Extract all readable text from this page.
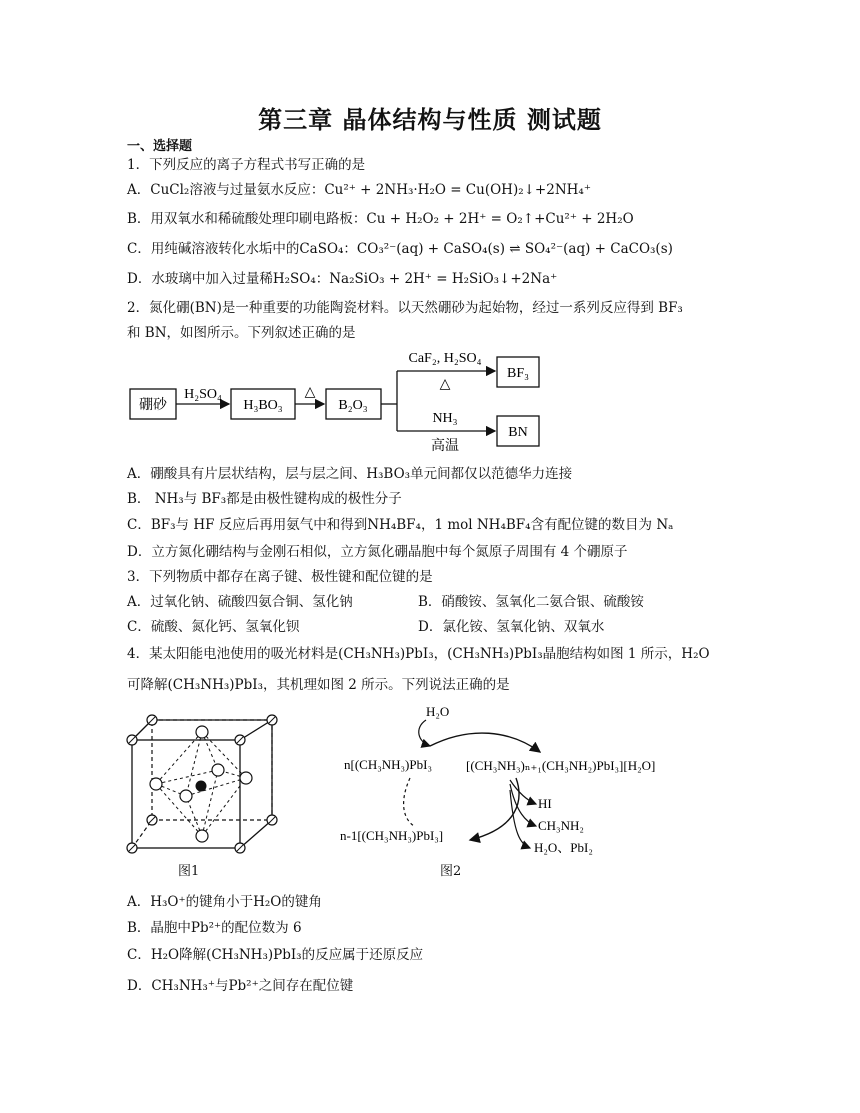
第三章 晶体结构与性质 测试题
一、选择题
1．下列反应的离子方程式书写正确的是
A．CuCl₂溶液与过量氨水反应：Cu²⁺ + 2NH₃·H₂O = Cu(OH)₂↓+2NH₄⁺
B．用双氧水和稀硫酸处理印刷电路板：Cu + H₂O₂ + 2H⁺ = O₂↑+Cu²⁺ + 2H₂O
C．用纯碱溶液转化水垢中的CaSO₄：CO₃²⁻(aq) + CaSO₄(s) ⇌ SO₄²⁻(aq) + CaCO₃(s)
D．水玻璃中加入过量稀H₂SO₄：Na₂SiO₃ + 2H⁺ = H₂SiO₃↓+2Na⁺
2．氮化硼(BN)是一种重要的功能陶瓷材料。以天然硼砂为起始物，经过一系列反应得到 BF₃
和 BN，如图所示。下列叙述正确的是
硼砂
H₂SO₄
H₃BO₃
△
B₂O₃
CaF₂, H₂SO₄
△
NH₃
高温
BF₃
BN
A．硼酸具有片层状结构，层与层之间、H₃BO₃单元间都仅以范德华力连接
B． NH₃与 BF₃都是由极性键构成的极性分子
C．BF₃与 HF 反应后再用氨气中和得到NH₄BF₄，1 mol NH₄BF₄含有配位键的数目为 Nₐ
D．立方氮化硼结构与金刚石相似，立方氮化硼晶胞中每个氮原子周围有 4 个硼原子
3．下列物质中都存在离子键、极性键和配位键的是
A．过氧化钠、硫酸四氨合铜、氢化钠	B．硝酸铵、氢氧化二氨合银、硫酸铵
C．硫酸、氮化钙、氢氧化钡	D．氯化铵、氢氧化钠、双氧水
4．某太阳能电池使用的吸光材料是(CH₃NH₃)PbI₃，(CH₃NH₃)PbI₃晶胞结构如图 1 所示，H₂O
可降解(CH₃NH₃)PbI₃，其机理如图 2 所示。下列说法正确的是
图1
H₂O
n[(CH₃NH₃)PbI₃	[(CH₃NH₃)ₙ₊₁(CH₃NH₂)PbI₃][H₂O]
HI
CH₃NH₂
H₂O、PbI₂
n-1[(CH₃NH₃)PbI₃]
图2
A．H₃O⁺的键角小于H₂O的键角
B．晶胞中Pb²⁺的配位数为 6
C．H₂O降解(CH₃NH₃)PbI₃的反应属于还原反应
D．CH₃NH₃⁺与Pb²⁺之间存在配位键
